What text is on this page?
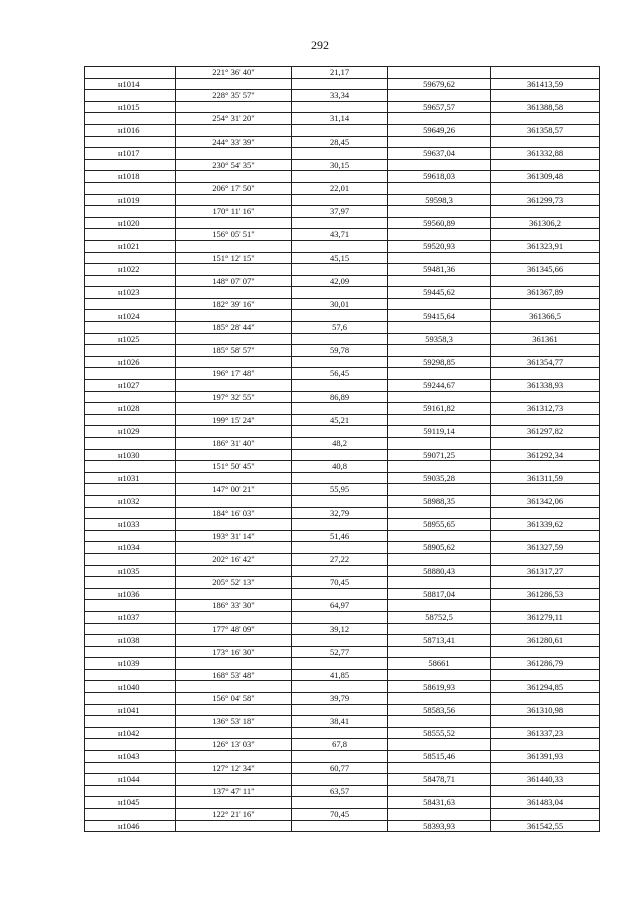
292
	221° 36' 40"	21,17		
н1014			59679,62	361413,59
	228° 35' 57"	33,34		
н1015			59657,57	361388,58
	254° 31' 20"	31,14		
н1016			59649,26	361358,57
	244° 33' 39"	28,45		
н1017			59637,04	361332,88
	230° 54' 35"	30,15		
н1018			59618,03	361309,48
	206° 17' 50"	22,01		
н1019			59598,3	361299,73
	170° 11' 16"	37,97		
н1020			59560,89	361306,2
	156° 05' 51"	43,71		
н1021			59520,93	361323,91
	151° 12' 15"	45,15		
н1022			59481,36	361345,66
	148° 07' 07"	42,09		
н1023			59445,62	361367,89
	182° 39' 16"	30,01		
н1024			59415,64	361366,5
	185° 28' 44"	57,6		
н1025			59358,3	361361
	185° 58' 57"	59,78		
н1026			59298,85	361354,77
	196° 17' 48"	56,45		
н1027			59244,67	361338,93
	197° 32' 55"	86,89		
н1028			59161,82	361312,73
	199° 15' 24"	45,21		
н1029			59119,14	361297,82
	186° 31' 40"	48,2		
н1030			59071,25	361292,34
	151° 50' 45"	40,8		
н1031			59035,28	361311,59
	147° 00' 21"	55,95		
н1032			58988,35	361342,06
	184° 16' 03"	32,79		
н1033			58955,65	361339,62
	193° 31' 14"	51,46		
н1034			58905,62	361327,59
	202° 16' 42"	27,22		
н1035			58880,43	361317,27
	205° 52' 13"	70,45		
н1036			58817,04	361286,53
	186° 33' 30"	64,97		
н1037			58752,5	361279,11
	177° 48' 09"	39,12		
н1038			58713,41	361280,61
	173° 16' 30"	52,77		
н1039			58661	361286,79
	168° 53' 48"	41,85		
н1040			58619,93	361294,85
	156° 04' 58"	39,79		
н1041			58583,56	361310,98
	136° 53' 18"	38,41		
н1042			58555,52	361337,23
	126° 13' 03"	67,8		
н1043			58515,46	361391,93
	127° 12' 34"	60,77		
н1044			58478,71	361440,33
	137° 47' 11"	63,57		
н1045			58431,63	361483,04
	122° 21' 16"	70,45		
н1046			58393,93	361542,55
